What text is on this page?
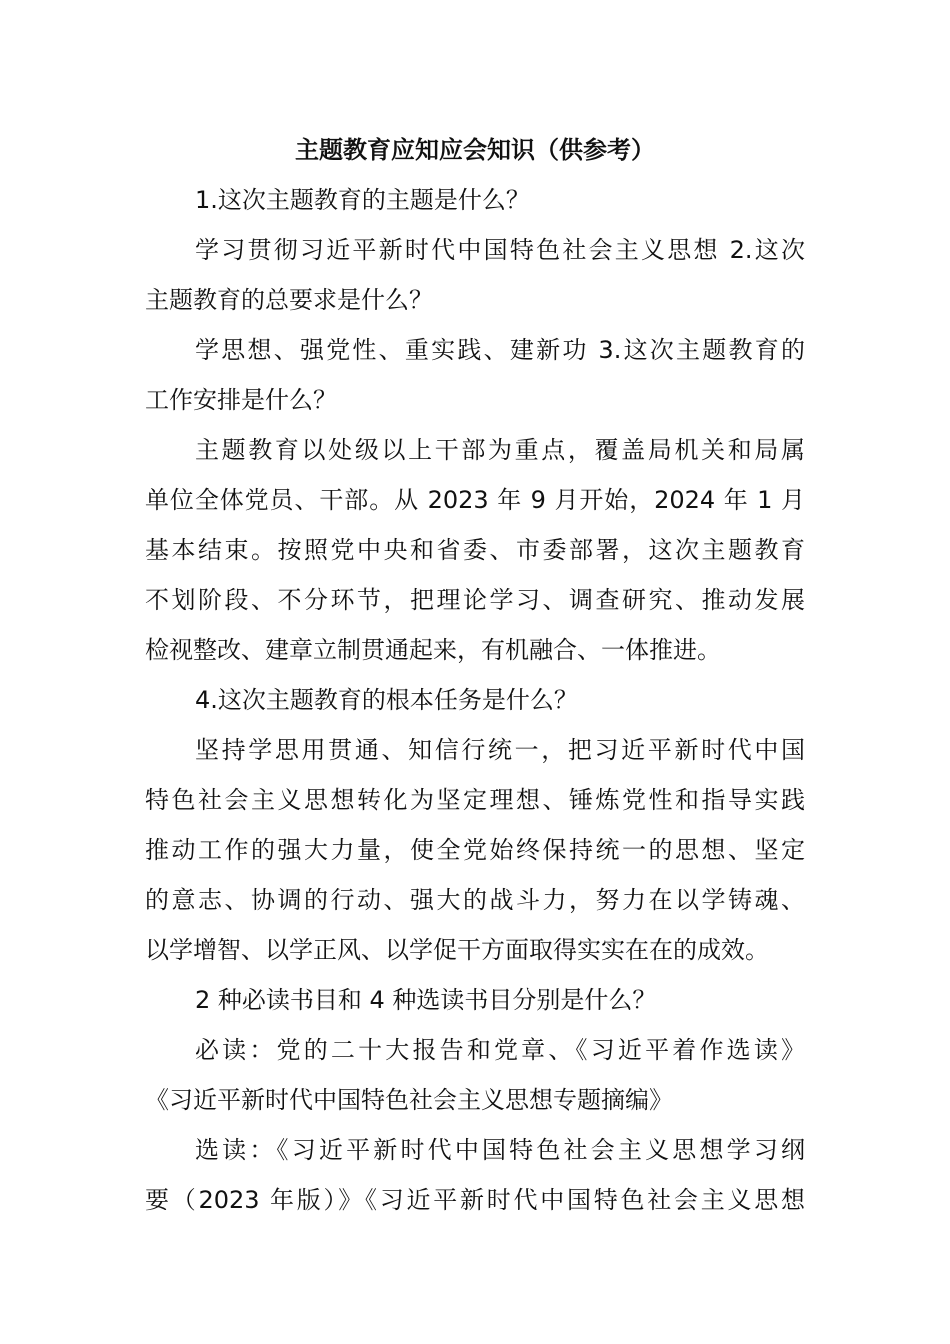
主题教育应知应会知识（供参考）
1.这次主题教育的主题是什么？
学习贯彻习近平新时代中国特色社会主义思想 2.这次
主题教育的总要求是什么？
学思想、强党性、重实践、建新功 3.这次主题教育的
工作安排是什么？
主题教育以处级以上干部为重点，覆盖局机关和局属
单位全体党员、干部。从 2023 年 9 月开始，2024 年 1 月
基本结束。按照党中央和省委、市委部署，这次主题教育
不划阶段、不分环节，把理论学习、调查研究、推动发展
检视整改、建章立制贯通起来，有机融合、一体推进。
4.这次主题教育的根本任务是什么？
坚持学思用贯通、知信行统一，把习近平新时代中国
特色社会主义思想转化为坚定理想、锤炼党性和指导实践
推动工作的强大力量，使全党始终保持统一的思想、坚定
的意志、协调的行动、强大的战斗力，努力在以学铸魂、
以学增智、以学正风、以学促干方面取得实实在在的成效。
2 种必读书目和 4 种选读书目分别是什么？
必读：党的二十大报告和党章、《习近平着作选读》
《习近平新时代中国特色社会主义思想专题摘编》
选读：《习近平新时代中国特色社会主义思想学习纲
要（2023 年版）》《习近平新时代中国特色社会主义思想
